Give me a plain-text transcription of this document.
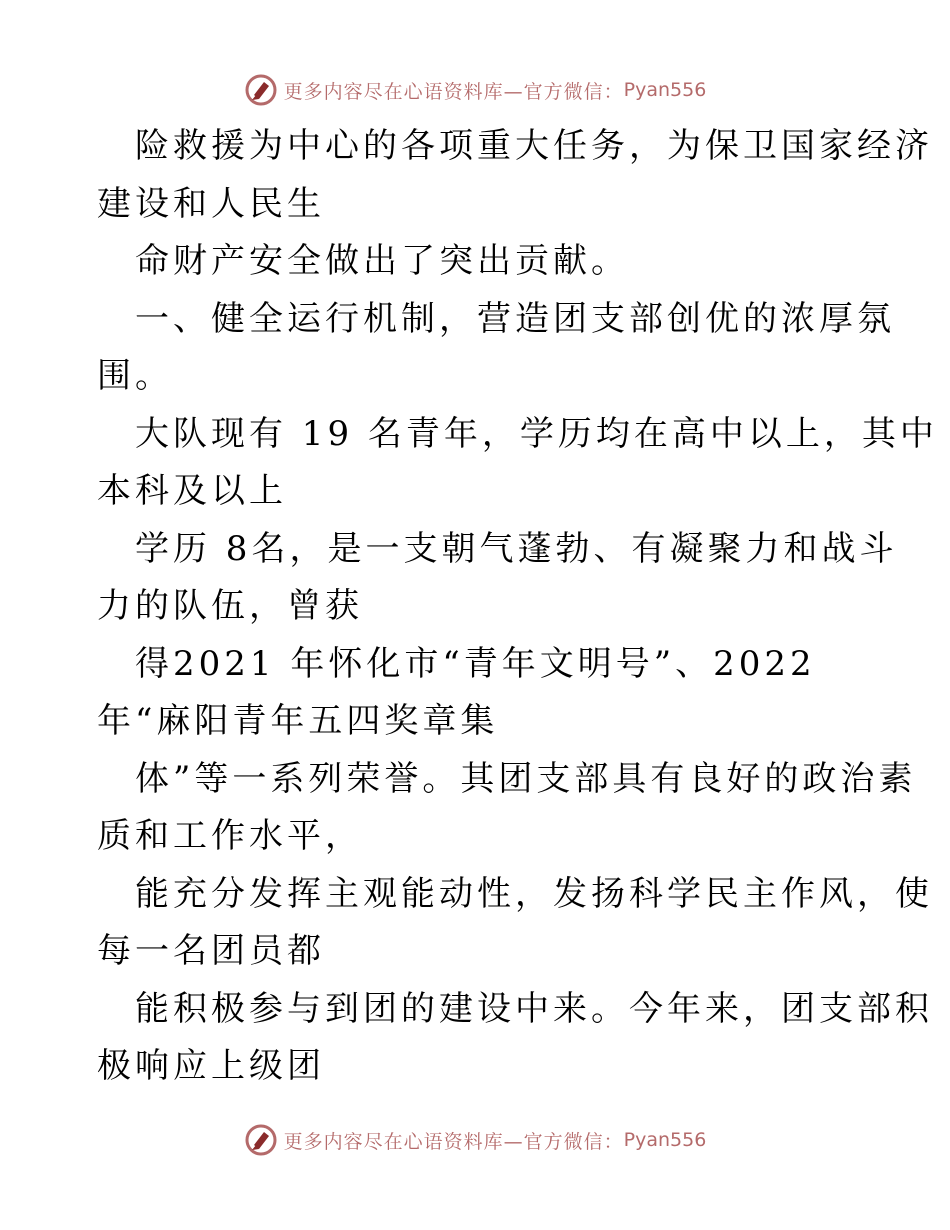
更多内容尽在心语资料库—官方微信： Pyan556
险救援为中心的各项重大任务，为保卫国家经济
建设和人民生
命财产安全做出了突出贡献。
一、健全运行机制，营造团支部创优的浓厚氛
围。
大队现有 19 名青年，学历均在高中以上，其中
本科及以上
学历 8名，是一支朝气蓬勃、有凝聚力和战斗
力的队伍，曾获
得2021 年怀化市“青年文明号”、2022
年“麻阳青年五四奖章集
体”等一系列荣誉。其团支部具有良好的政治素
质和工作水平，
能充分发挥主观能动性，发扬科学民主作风，使
每一名团员都
能积极参与到团的建设中来。今年来，团支部积
极响应上级团
更多内容尽在心语资料库—官方微信： Pyan556
